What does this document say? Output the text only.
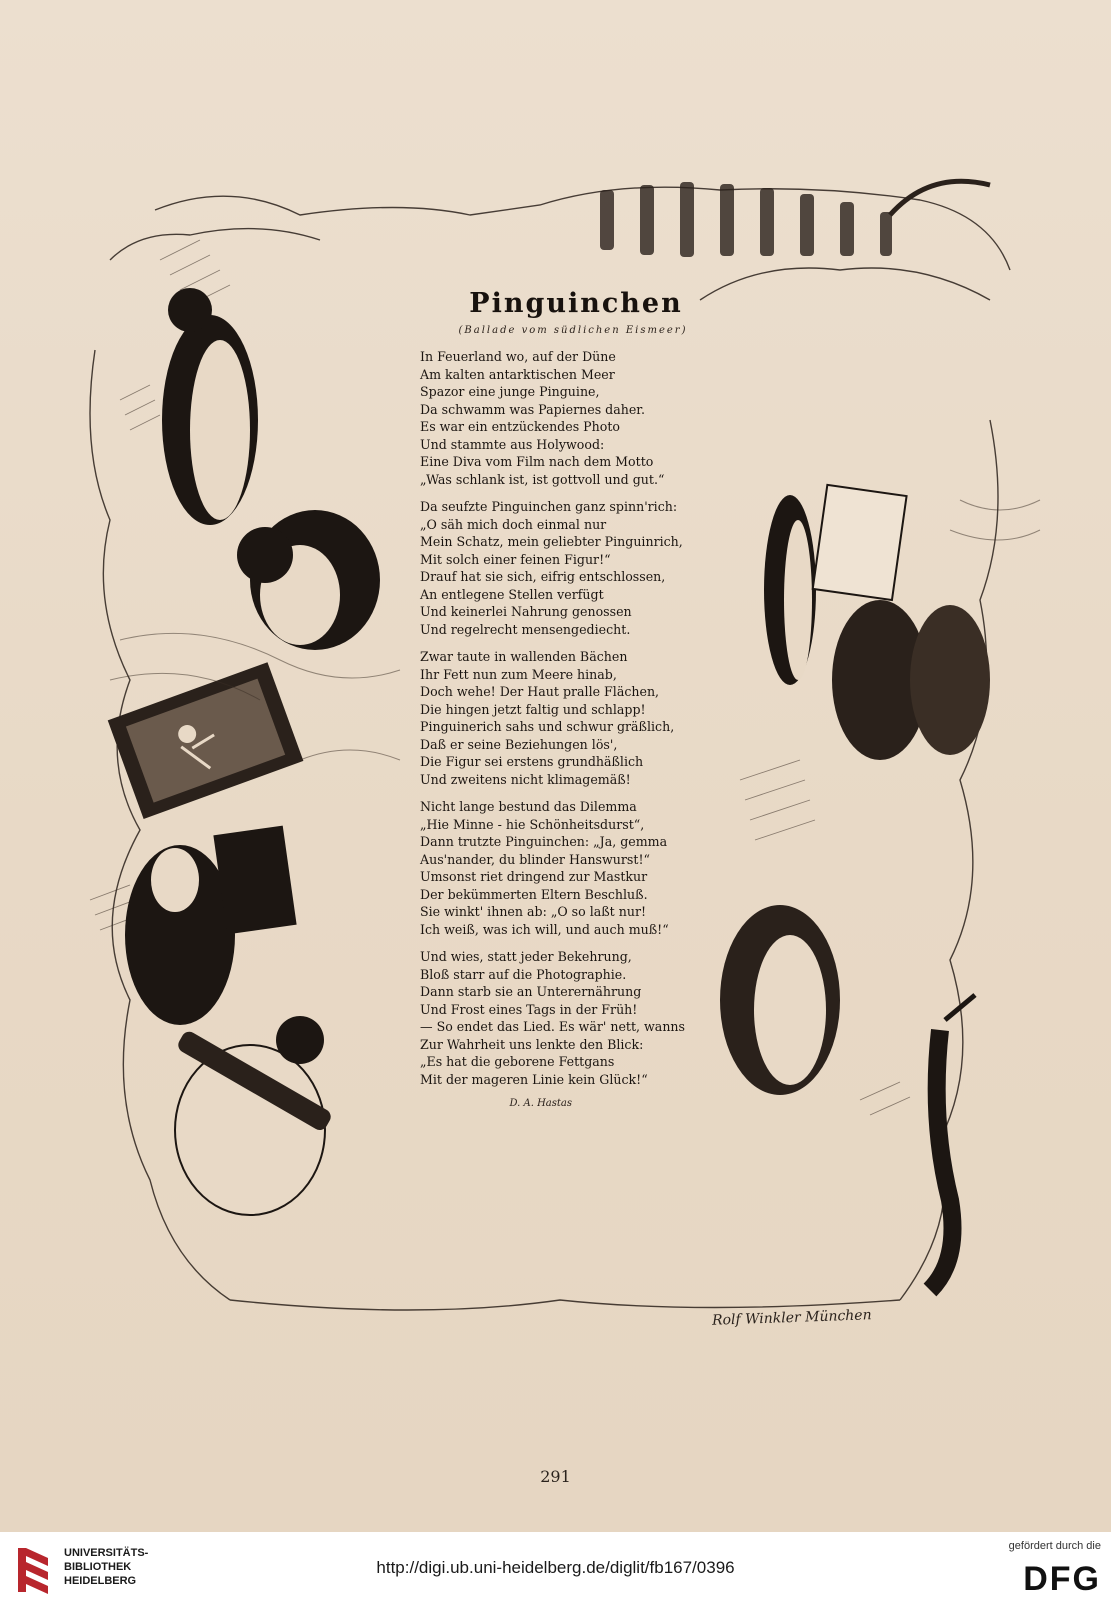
Pinguinchen
(Ballade vom südlichen Eismeer)
In Feuerland wo, auf der Düne
Am kalten antarktischen Meer
Spazor eine junge Pinguine,
Da schwamm was Papiernes daher.
Es war ein entzückendes Photo
Und stammte aus Holywood:
Eine Diva vom Film nach dem Motto
„Was schlank ist, ist gottvoll und gut.“
Da seufzte Pinguinchen ganz spinn'rich:
„O säh mich doch einmal nur
Mein Schatz, mein geliebter Pinguinrich,
Mit solch einer feinen Figur!“
Drauf hat sie sich, eifrig entschlossen,
An entlegene Stellen verfügt
Und keinerlei Nahrung genossen
Und regelrecht mensengediecht.
Zwar taute in wallenden Bächen
Ihr Fett nun zum Meere hinab,
Doch wehe! Der Haut pralle Flächen,
Die hingen jetzt faltig und schlapp!
Pinguinerich sahs und schwur gräßlich,
Daß er seine Beziehungen lös',
Die Figur sei erstens grundhäßlich
Und zweitens nicht klimagemäß!
Nicht lange bestund das Dilemma
„Hie Minne - hie Schönheitsdurst“,
Dann trutzte Pinguinchen: „Ja, gemma
Aus'nander, du blinder Hanswurst!“
Umsonst riet dringend zur Mastkur
Der bekümmerten Eltern Beschluß.
Sie winkt' ihnen ab: „O so laßt nur!
Ich weiß, was ich will, und auch muß!“
Und wies, statt jeder Bekehrung,
Bloß starr auf die Photographie.
Dann starb sie an Unterernährung
Und Frost eines Tags in der Früh!
— So endet das Lied. Es wär' nett, wanns
Zur Wahrheit uns lenkte den Blick:
„Es hat die geborene Fettgans
Mit der mageren Linie kein Glück!“
D. A. Hastas
Rolf Winkler München
291
UNIVERSITÄTS-
BIBLIOTHEK
HEIDELBERG
http://digi.ub.uni-heidelberg.de/diglit/fb167/0396
gefördert durch die
DFG
